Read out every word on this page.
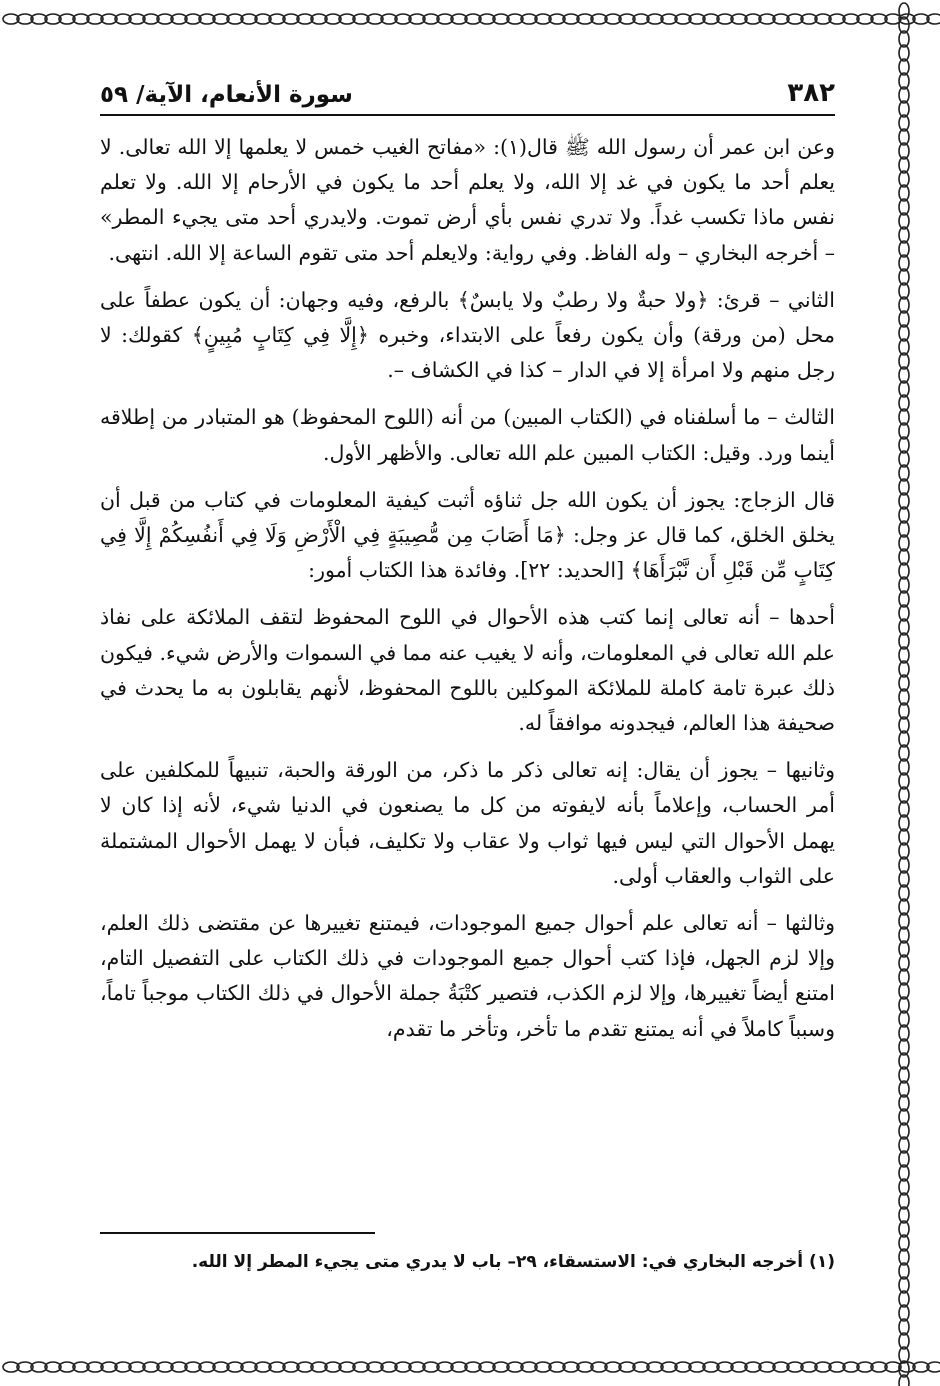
٣٨٢
سورة الأنعام، الآية/ ٥٩

وعن ابن عمر أن رسول الله ﷺ قال(١): «مفاتح الغيب خمس لا يعلمها إلا الله تعالى. لا يعلم أحد ما يكون في غد إلا الله، ولا يعلم أحد ما يكون في الأرحام إلا الله. ولا تعلم نفس ماذا تكسب غداً. ولا تدري نفس بأي أرض تموت. ولايدري أحد متى يجيء المطر» – أخرجه البخاري – وله الفاظ. وفي رواية: ولايعلم أحد متى تقوم الساعة إلا الله. انتهى.

الثاني – قرئ: ﴿ولا حبةٌ ولا رطبٌ ولا يابسٌ﴾ بالرفع، وفيه وجهان: أن يكون عطفاً على محل (من ورقة) وأن يكون رفعاً على الابتداء، وخبره ﴿إِلَّا فِي كِتَابٍ مُبِينٍ﴾ كقولك: لا رجل منهم ولا امرأة إلا في الدار – كذا في الكشاف –.

الثالث – ما أسلفناه في (الكتاب المبين) من أنه (اللوح المحفوظ) هو المتبادر من إطلاقه أينما ورد. وقيل: الكتاب المبين علم الله تعالى. والأظهر الأول.

قال الزجاج: يجوز أن يكون الله جل ثناؤه أثبت كيفية المعلومات في كتاب من قبل أن يخلق الخلق، كما قال عز وجل: ﴿مَا أَصَابَ مِن مُّصِيبَةٍ فِي الْأَرْضِ وَلَا فِي أَنفُسِكُمْ إِلَّا فِي كِتَابٍ مِّن قَبْلِ أَن نَّبْرَأَهَا﴾ [الحديد: ٢٢]. وفائدة هذا الكتاب أمور:

أحدها – أنه تعالى إنما كتب هذه الأحوال في اللوح المحفوظ لتقف الملائكة على نفاذ علم الله تعالى في المعلومات، وأنه لا يغيب عنه مما في السموات والأرض شيء. فيكون ذلك عبرة تامة كاملة للملائكة الموكلين باللوح المحفوظ، لأنهم يقابلون به ما يحدث في صحيفة هذا العالم، فيجدونه موافقاً له.

وثانيها – يجوز أن يقال: إنه تعالى ذكر ما ذكر، من الورقة والحبة، تنبيهاً للمكلفين على أمر الحساب، وإعلاماً بأنه لايفوته من كل ما يصنعون في الدنيا شيء، لأنه إذا كان لا يهمل الأحوال التي ليس فيها ثواب ولا عقاب ولا تكليف، فبأن لا يهمل الأحوال المشتملة على الثواب والعقاب أولى.

وثالثها – أنه تعالى علم أحوال جميع الموجودات، فيمتنع تغييرها عن مقتضى ذلك العلم، وإلا لزم الجهل، فإذا كتب أحوال جميع الموجودات في ذلك الكتاب على التفصيل التام، امتنع أيضاً تغييرها، وإلا لزم الكذب، فتصير كتْبَةُ جملة الأحوال في ذلك الكتاب موجباً تاماً، وسبباً كاملاً في أنه يمتنع تقدم ما تأخر، وتأخر ما تقدم،

(١) أخرجه البخاري في: الاستسقاء، ٢٩– باب لا يدري متى يجيء المطر إلا الله.
